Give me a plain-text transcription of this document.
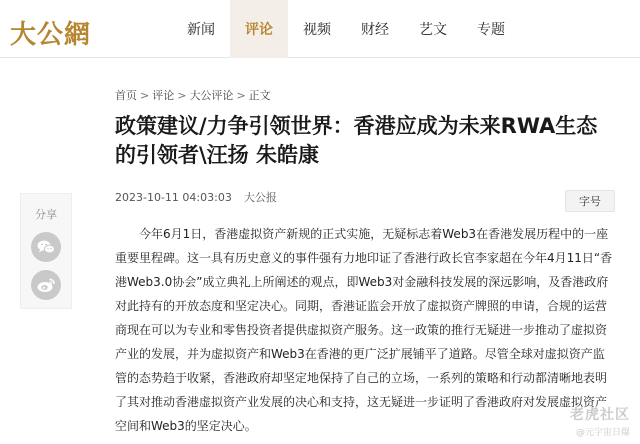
大公網	新闻	评论	视频	财经	艺文	专题
首页 > 评论 > 大公评论 > 正文
政策建议/力争引领世界：香港应成为未来RWA生态的引领者\汪扬 朱皓康
2023-10-11 04:03:03 大公报	字号
分享

今年6月1日，香港虚拟资产新规的正式实施，无疑标志着Web3在香港发展历程中的一座重要里程碑。这一具有历史意义的事件强有力地印证了香港行政长官李家超在今年4月11日“香港Web3.0协会”成立典礼上所阐述的观点，即Web3对金融科技发展的深远影响，及香港政府对此持有的开放态度和坚定决心。同期，香港证监会开放了虚拟资产牌照的申请，合规的运营商现在可以为专业和零售投资者提供虚拟资产服务。这一政策的推行无疑进一步推动了虚拟资产业的发展，并为虚拟资产和Web3在香港的更广泛扩展铺平了道路。尽管全球对虚拟资产监管的态势趋于收紧，香港政府却坚定地保持了自己的立场，一系列的策略和行动都清晰地表明了其对推动香港虚拟资产业发展的决心和支持，这无疑进一步证明了香港政府对发展虚拟资产空间和Web3的坚定决心。

老虎社区
@元宇宙日爆
